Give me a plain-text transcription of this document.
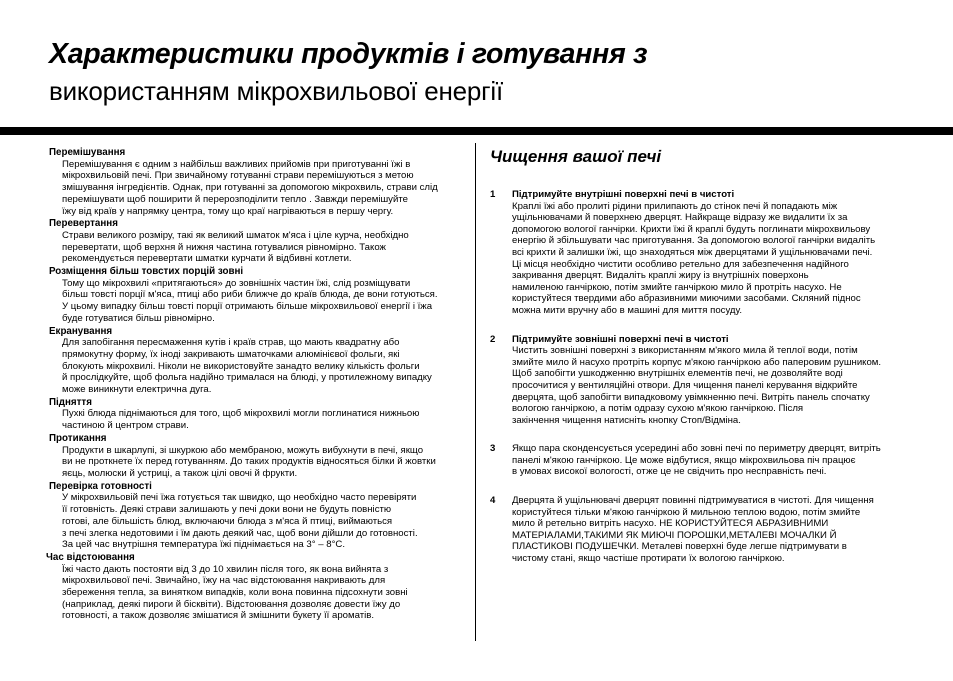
Характеристики продуктів і готування з
використанням мікрохвильової енергії
Перемішування
Перемішування є одним з найбільш важливих прийомів при приготуванні їжі в
мікрохвильовій печі. При звичайному готуванні страви перемішуються з метою
змішування інгредієнтів. Однак, при готуванні за допомогою мікрохвиль, страви слід
перемішувати щоб поширити й перерозподілити тепло . Завжди перемішуйте
їжу від країв у напрямку центра, тому що краї нагріваються в першу чергу.
Перевертання
Страви великого розміру, такі як великий шматок м'яса і ціле курча, необхідно
перевертати, щоб верхня й нижня частина готувалися рівномірно. Також
рекомендується перевертати шматки курчати й відбивні котлети.
Розміщення більш товстих порцій зовні
Тому що мікрохвилі «притягаються» до зовнішніх частин їжі, слід розміщувати
більш товсті порції м'яса, птиці або риби ближче до країв блюда, де вони готуються.
У цьому випадку більш товсті порції отримають більше мікрохвильової енергії і їжа
буде готуватися більш рівномірно.
Екранування
Для запобігання пересмаження кутів і країв страв, що мають квадратну або
прямокутну форму, їх іноді закривають шматочками алюмінієвої фольги, які
блокують мікрохвилі. Ніколи не використовуйте занадто велику кількість фольги
й прослідкуйте, щоб фольга надійно трималася на блюді, у протилежному випадку
може виникнути електрична дуга.
Підняття
Пухкі блюда піднімаються для того, щоб мікрохвилі могли поглинатися нижньою
частиною й центром страви.
Протикання
Продукти в шкарлупі, зі шкуркою або мембраною, можуть вибухнути в печі, якщо
ви не проткнете їх перед готуванням. До таких продуктів відносяться білки й жовтки
яєць, молюски й устриці, а також цілі овочі й фрукти.
Перевірка готовності
У мікрохвильовій печі їжа готується так швидко, що необхідно часто перевіряти
її готовність. Деякі страви залишають у печі доки вони не будуть повністю
готові, але більшість блюд, включаючи блюда з м'яса й птиці, виймаються
з печі злегка недотовими і їм дають деякий час, щоб вони дійшли до готовності.
За цей час внутрішня температура їжі піднімається на 3° – 8°C.
Час відстоювання
Їжі часто дають постояти від 3 до 10 хвилин після того, як вона вийнята з
мікрохвильової печі. Звичайно, їжу на час відстоювання накривають для
збереження тепла, за винятком випадків, коли вона повинна підсохнути зовні
(наприклад, деякі пироги й бісквіти). Відстоювання дозволяє довести їжу до
готовності, а також дозволяє змішатися й змішнити букету її ароматів.
Чищення вашої печі
1	Підтримуйте внутрішні поверхні печі в чистоті
Краплі їжі або пролиті рідини прилипають до стінок печі й попадають між
ущільнювачами й поверхнею дверцят. Найкраще відразу же видалити їх за
допомогою вологої ганчірки. Крихти їжі й краплі будуть поглинати мікрохвильову
енергію й збільшувати час приготування. За допомогою вологої ганчірки видаліть
всі крихти й залишки їжі, що знаходяться між дверцятами й ущільнювачами печі.
Ці місця необхідно чистити особливо ретельно для забезпечення надійного
закривання дверцят. Видаліть краплі жиру із внутрішніх поверхонь
намиленою ганчіркою, потім змийте ганчіркою мило й протріть насухо. Не
користуйтеся твердими або абразивними миючими засобами. Скляний піднос
можна мити вручну або в машині для миття посуду.
2	Підтримуйте зовнішні поверхні печі в чистоті
Чистить зовнішні поверхні з використанням м'якого мила й теплої води, потім
змийте мило й насухо протріть корпус м'якою ганчіркою або паперовим рушником.
Щоб запобігти ушкодженню внутрішніх елементів печі, не дозволяйте воді
просочитися у вентиляційні отвори. Для чищення панелі керування відкрийте
дверцята, щоб запобігти випадковому увімкненню печі. Витріть панель спочатку
вологою ганчіркою, а потім одразу сухою м'якою ганчіркою. Після
закінчення чищення натисніть кнопку Стоп/Відміна.
3 Якщо пара сконденсується усередині або зовні печі по периметру дверцят, витріть
панелі м'якою ганчіркою. Це може відбутися, якщо мікрохвильова піч працює
в умовах високої вологості, отже це не свідчить про несправність печі.
4 Дверцята й ущільнювачі дверцят повинні підтримуватися в чистоті. Для чищення
користуйтеся тільки м'якою ганчіркою й мильною теплою водою, потім змийте
мило й ретельно витріть насухо. НЕ КОРИСТУЙТЕСЯ АБРАЗИВНИМИ
МАТЕРІАЛАМИ,ТАКИМИ ЯК МИЮЧІ ПОРОШКИ,МЕТАЛЕВІ МОЧАЛКИ Й
ПЛАСТИКОВІ ПОДУШЕЧКИ. Металеві поверхні буде легше підтримувати в
чистому стані, якщо частіше протирати їх вологою ганчіркою.
